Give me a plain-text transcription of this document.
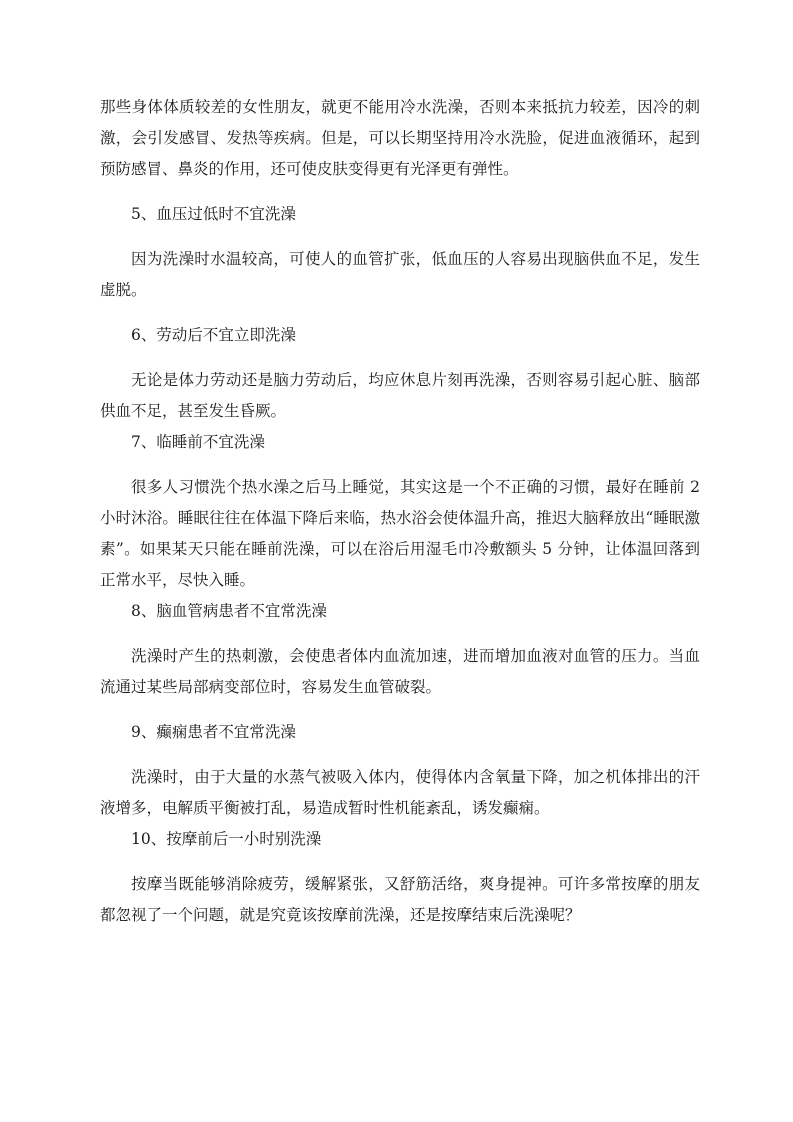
那些身体体质较差的女性朋友，就更不能用冷水洗澡，否则本来抵抗力较差，因冷的刺激，会引发感冒、发热等疾病。但是，可以长期坚持用冷水洗脸，促进血液循环，起到预防感冒、鼻炎的作用，还可使皮肤变得更有光泽更有弹性。

5、血压过低时不宜洗澡

因为洗澡时水温较高，可使人的血管扩张，低血压的人容易出现脑供血不足，发生虚脱。

6、劳动后不宜立即洗澡

无论是体力劳动还是脑力劳动后，均应休息片刻再洗澡，否则容易引起心脏、脑部供血不足，甚至发生昏厥。

7、临睡前不宜洗澡

很多人习惯洗个热水澡之后马上睡觉，其实这是一个不正确的习惯，最好在睡前 2 小时沐浴。睡眠往往在体温下降后来临，热水浴会使体温升高，推迟大脑释放出“睡眠激素”。如果某天只能在睡前洗澡，可以在浴后用湿毛巾冷敷额头 5 分钟，让体温回落到正常水平，尽快入睡。

8、脑血管病患者不宜常洗澡

洗澡时产生的热刺激，会使患者体内血流加速，进而增加血液对血管的压力。当血流通过某些局部病变部位时，容易发生血管破裂。

9、癫痫患者不宜常洗澡

洗澡时，由于大量的水蒸气被吸入体内，使得体内含氧量下降，加之机体排出的汗液增多，电解质平衡被打乱，易造成暂时性机能紊乱，诱发癫痫。

10、按摩前后一小时别洗澡

按摩当既能够消除疲劳，缓解紧张，又舒筋活络，爽身提神。可许多常按摩的朋友都忽视了一个问题，就是究竟该按摩前洗澡，还是按摩结束后洗澡呢？
